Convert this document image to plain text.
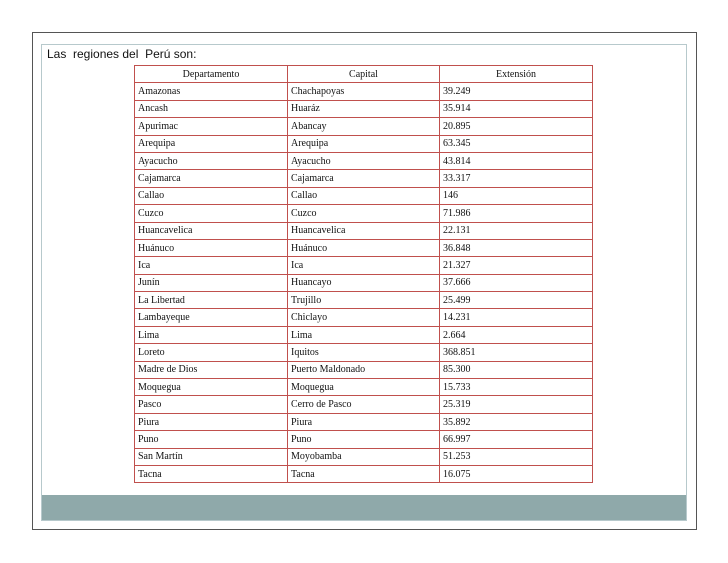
Las  regiones del  Perú son:
Departamento	Capital	Extensión
Amazonas	Chachapoyas	39.249
Ancash	Huaráz	35.914
Apurimac	Abancay	20.895
Arequipa	Arequipa	63.345
Ayacucho	Ayacucho	43.814
Cajamarca	Cajamarca	33.317
Callao	Callao	146
Cuzco	Cuzco	71.986
Huancavelica	Huancavelica	22.131
Huánuco	Huánuco	36.848
Ica	Ica	21.327
Junín	Huancayo	37.666
La Libertad	Trujillo	25.499
Lambayeque	Chiclayo	14.231
Lima	Lima	2.664
Loreto	Iquitos	368.851
Madre de Dios	Puerto Maldonado	85.300
Moquegua	Moquegua	15.733
Pasco	Cerro de Pasco	25.319
Piura	Piura	35.892
Puno	Puno	66.997
San Martín	Moyobamba	51.253
Tacna	Tacna	16.075
